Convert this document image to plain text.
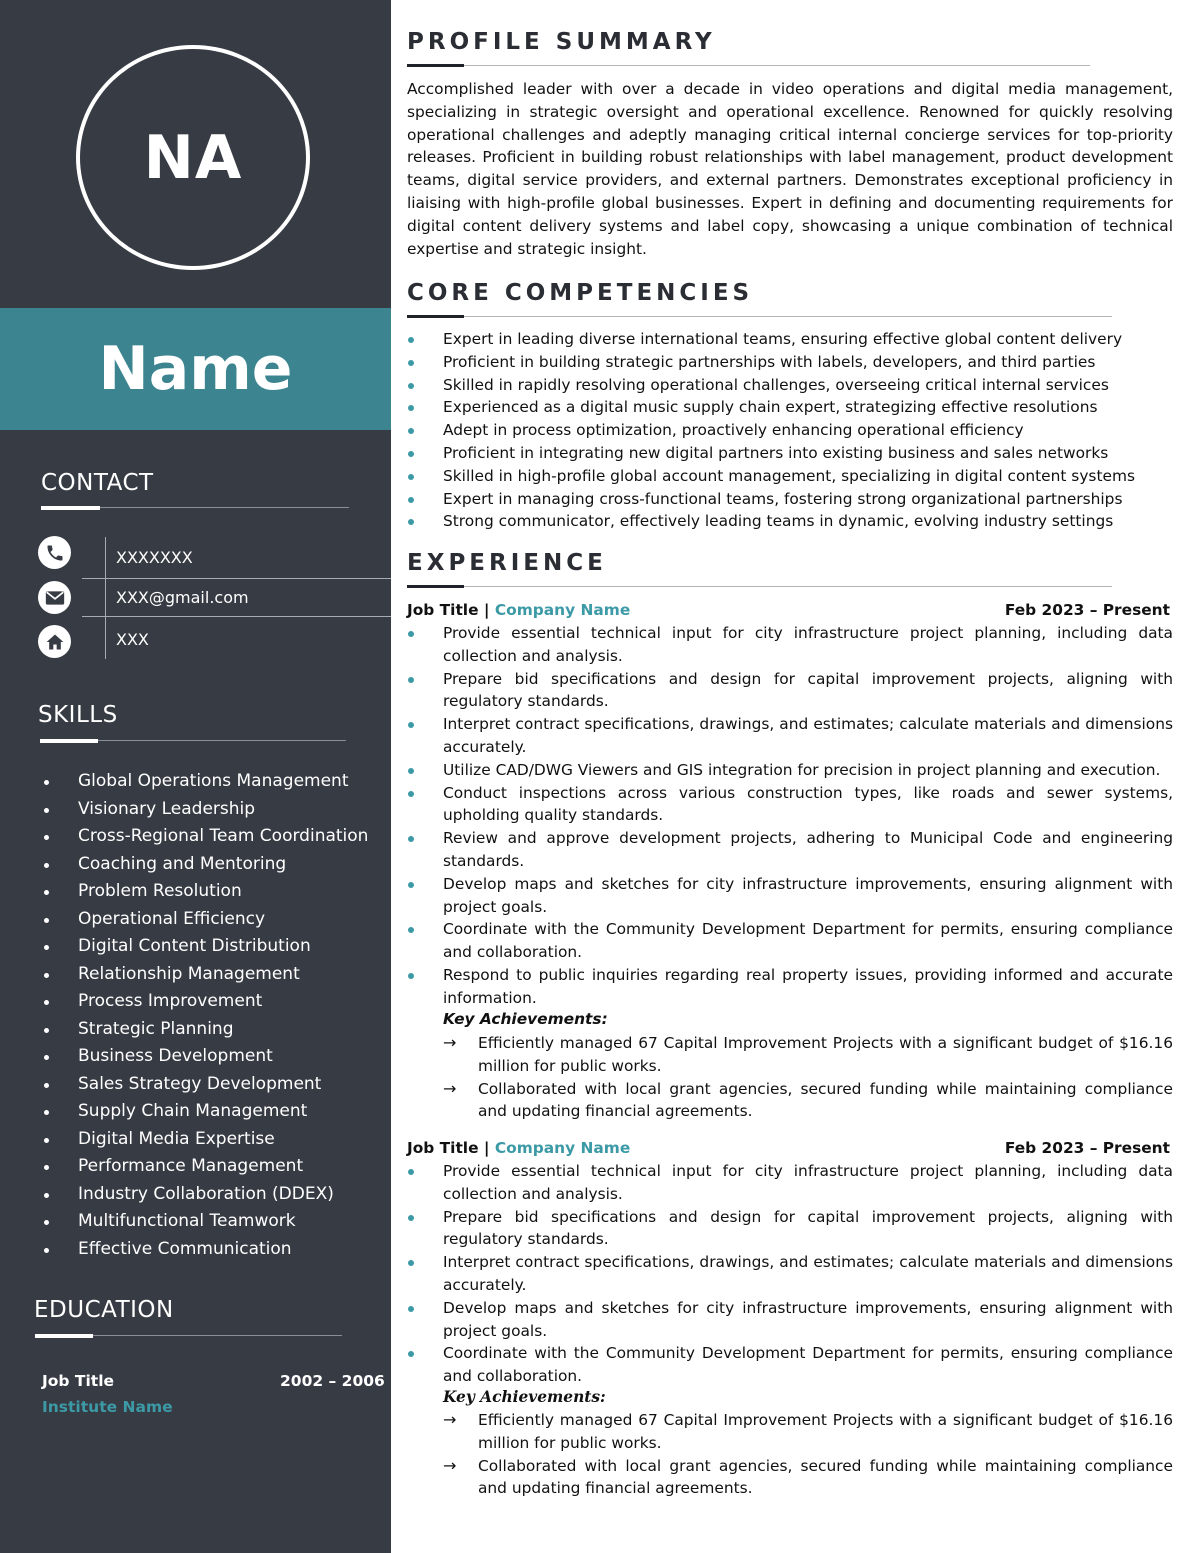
NA
Name
CONTACT
XXXXXXX
XXX@gmail.com
XXX
SKILLS
Global Operations Management
Visionary Leadership
Cross-Regional Team Coordination
Coaching and Mentoring
Problem Resolution
Operational Efficiency
Digital Content Distribution
Relationship Management
Process Improvement
Strategic Planning
Business Development
Sales Strategy Development
Supply Chain Management
Digital Media Expertise
Performance Management
Industry Collaboration (DDEX)
Multifunctional Teamwork
Effective Communication
EDUCATION
Job Title	2002 – 2006
Institute Name
PROFILE SUMMARY

Accomplished leader with over a decade in video operations and digital media management, specializing in strategic oversight and operational excellence. Renowned for quickly resolving operational challenges and adeptly managing critical internal concierge services for top-priority releases. Proficient in building robust relationships with label management, product development teams, digital service providers, and external partners. Demonstrates exceptional proficiency in liaising with high-profile global businesses. Expert in defining and documenting requirements for digital content delivery systems and label copy, showcasing a unique combination of technical expertise and strategic insight.

CORE COMPETENCIES
Expert in leading diverse international teams, ensuring effective global content delivery
Proficient in building strategic partnerships with labels, developers, and third parties
Skilled in rapidly resolving operational challenges, overseeing critical internal services
Experienced as a digital music supply chain expert, strategizing effective resolutions
Adept in process optimization, proactively enhancing operational efficiency
Proficient in integrating new digital partners into existing business and sales networks
Skilled in high-profile global account management, specializing in digital content systems
Expert in managing cross-functional teams, fostering strong organizational partnerships
Strong communicator, effectively leading teams in dynamic, evolving industry settings
EXPERIENCE
Job Title | Company Name	Feb 2023 – Present
Provide essential technical input for city infrastructure project planning, including data collection and analysis.
Prepare bid specifications and design for capital improvement projects, aligning with regulatory standards.
Interpret contract specifications, drawings, and estimates; calculate materials and dimensions accurately.
Utilize CAD/DWG Viewers and GIS integration for precision in project planning and execution.
Conduct inspections across various construction types, like roads and sewer systems, upholding quality standards.
Review and approve development projects, adhering to Municipal Code and engineering standards.
Develop maps and sketches for city infrastructure improvements, ensuring alignment with project goals.
Coordinate with the Community Development Department for permits, ensuring compliance and collaboration.
Respond to public inquiries regarding real property issues, providing informed and accurate information.
Key Achievements:
→ Efficiently managed 67 Capital Improvement Projects with a significant budget of $16.16 million for public works.
→ Collaborated with local grant agencies, secured funding while maintaining compliance and updating financial agreements.
Job Title | Company Name	Feb 2023 – Present
Provide essential technical input for city infrastructure project planning, including data collection and analysis.
Prepare bid specifications and design for capital improvement projects, aligning with regulatory standards.
Interpret contract specifications, drawings, and estimates; calculate materials and dimensions accurately.
Develop maps and sketches for city infrastructure improvements, ensuring alignment with project goals.
Coordinate with the Community Development Department for permits, ensuring compliance and collaboration.
Key Achievements:
→ Efficiently managed 67 Capital Improvement Projects with a significant budget of $16.16 million for public works.
→ Collaborated with local grant agencies, secured funding while maintaining compliance and updating financial agreements.
